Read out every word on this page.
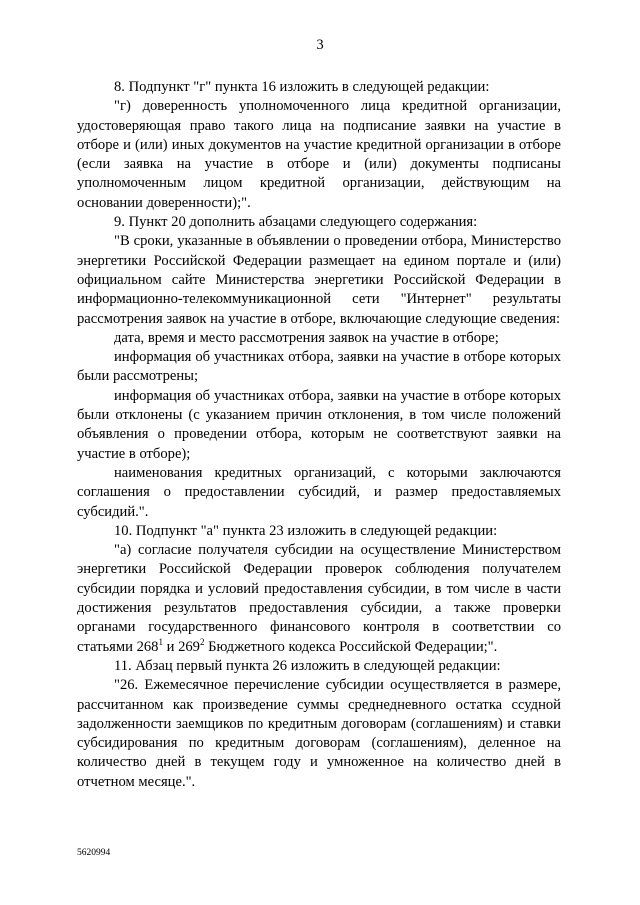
3

8. Подпункт "г" пункта 16 изложить в следующей редакции:

"г) доверенность уполномоченного лица кредитной организации, удостоверяющая право такого лица на подписание заявки на участие в отборе и (или) иных документов на участие кредитной организации в отборе (если заявка на участие в отборе и (или) документы подписаны уполномоченным лицом кредитной организации, действующим на основании доверенности);".

9. Пункт 20 дополнить абзацами следующего содержания:

"В сроки, указанные в объявлении о проведении отбора, Министерство энергетики Российской Федерации размещает на едином портале и (или) официальном сайте Министерства энергетики Российской Федерации в информационно-телекоммуникационной сети "Интернет" результаты рассмотрения заявок на участие в отборе, включающие следующие сведения:

дата, время и место рассмотрения заявок на участие в отборе;

информация об участниках отбора, заявки на участие в отборе которых были рассмотрены;

информация об участниках отбора, заявки на участие в отборе которых были отклонены (с указанием причин отклонения, в том числе положений объявления о проведении отбора, которым не соответствуют заявки на участие в отборе);

наименования кредитных организаций, с которыми заключаются соглашения о предоставлении субсидий, и размер предоставляемых субсидий.".

10. Подпункт "а" пункта 23 изложить в следующей редакции:

"а) согласие получателя субсидии на осуществление Министерством энергетики Российской Федерации проверок соблюдения получателем субсидии порядка и условий предоставления субсидии, в том числе в части достижения результатов предоставления субсидии, а также проверки органами государственного финансового контроля в соответствии со статьями $268^1$ и $269^2$ Бюджетного кодекса Российской Федерации;".

11. Абзац первый пункта 26 изложить в следующей редакции:

"26. Ежемесячное перечисление субсидии осуществляется в размере, рассчитанном как произведение суммы среднедневного остатка ссудной задолженности заемщиков по кредитным договорам (соглашениям) и ставки субсидирования по кредитным договорам (соглашениям), деленное на количество дней в текущем году и умноженное на количество дней в отчетном месяце.".

5620994
